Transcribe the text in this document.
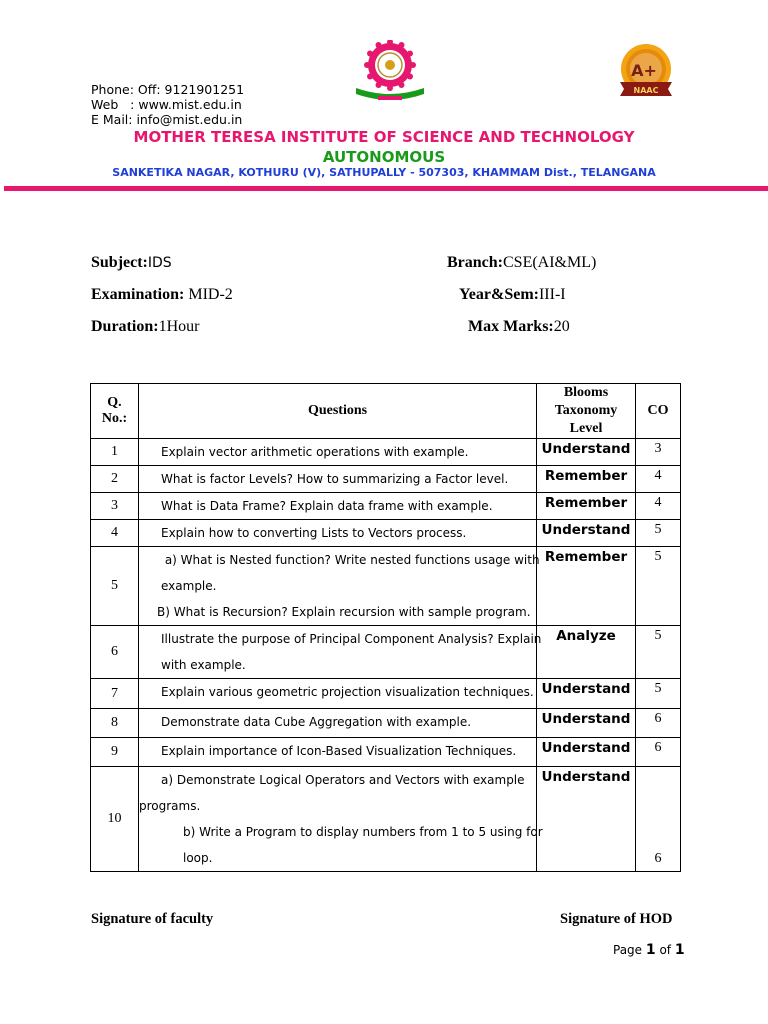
Phone: Off: 9121901251
Web   : www.mist.edu.in
E Mail: info@mist.edu.in
A+
NAAC
MOTHER TERESA INSTITUTE OF SCIENCE AND TECHNOLOGY
AUTONOMOUS
SANKETIKA NAGAR, KOTHURU (V), SATHUPALLY - 507303, KHAMMAM Dist., TELANGANA
Subject:IDS	Branch:CSE(AI&ML)
Examination: MID-2	Year&Sem:III-I
Duration:1Hour	Max Marks:20
Q. No.:	Questions	Blooms Taxonomy Level	CO
1	Explain vector arithmetic operations with example.	Understand	3
2	What is factor Levels? How to summarizing a Factor level.	Remember	4
3	What is Data Frame? Explain data frame with example.	Remember	4
4	Explain how to converting Lists to Vectors process.	Understand	5
5	a) What is Nested function? Write nested functions usage with
example.
B) What is Recursion? Explain recursion with sample program.	Remember	5
6	Illustrate the purpose of Principal Component Analysis? Explain
with example.	Analyze	5
7	Explain various geometric projection visualization techniques.	Understand	5
8	Demonstrate data Cube Aggregation with example.	Understand	6
9	Explain importance of Icon-Based Visualization Techniques.	Understand	6
10	a) Demonstrate Logical Operators and Vectors with example
programs.
b) Write a Program to display numbers from 1 to 5 using for
loop.	Understand	6
Signature of faculty	Signature of HOD
Page 1 of 1
